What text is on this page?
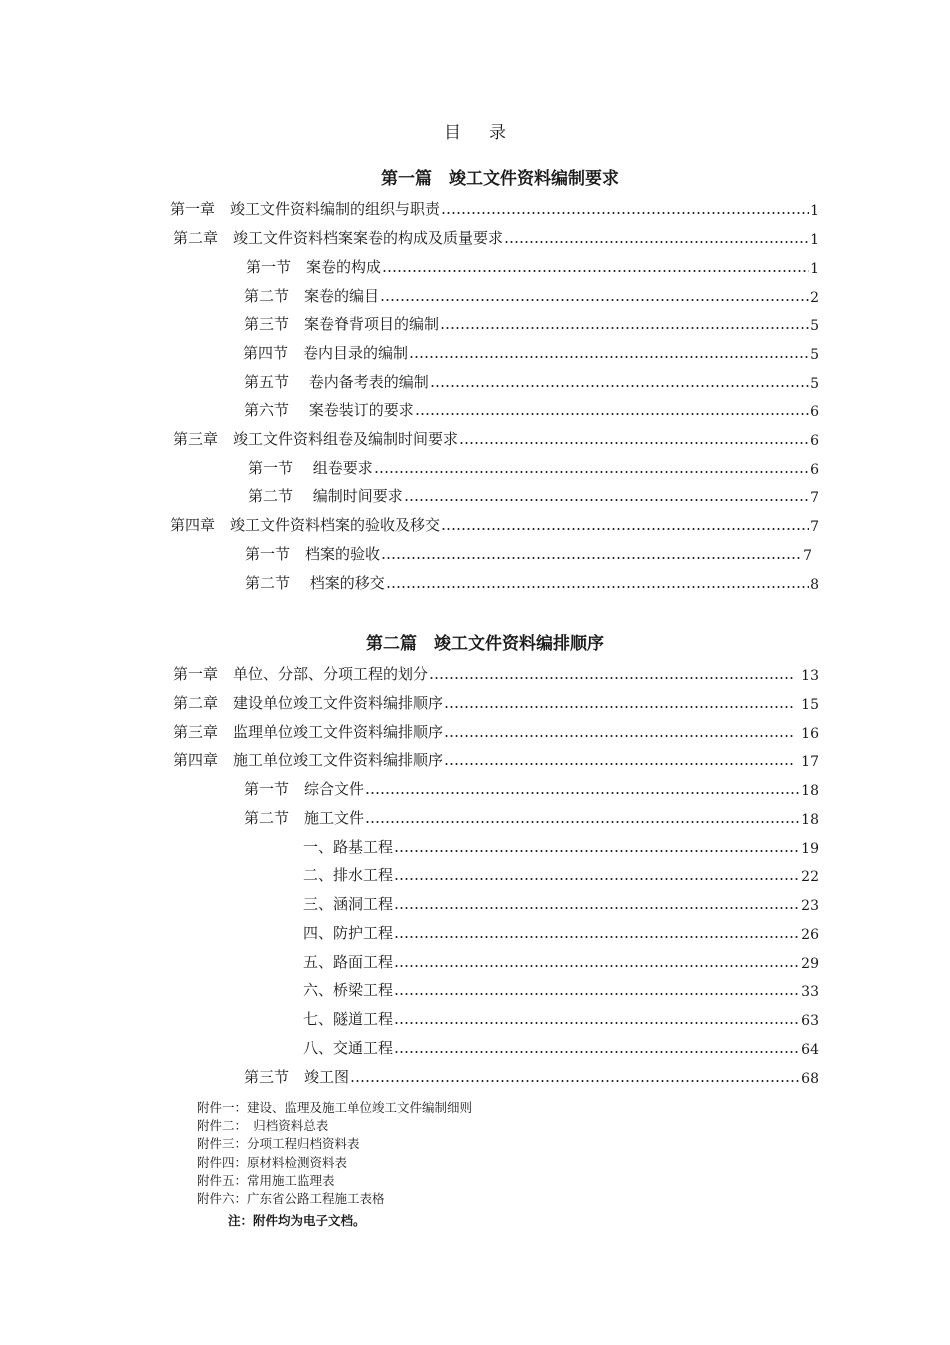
目 录
第一篇　竣工文件资料编制要求
第一章　竣工文件资料编制的组织与职责	1
第二章　竣工文件资料档案案卷的构成及质量要求	1
第一节　案卷的构成	1
第二节　案卷的编目	2
第三节　案卷脊背项目的编制	5
第四节　卷内目录的编制	5
第五节　 卷内备考表的编制	5
第六节　 案卷装订的要求	6
第三章　竣工文件资料组卷及编制时间要求	6
第一节　 组卷要求	6
第二节　 编制时间要求	7
第四章　竣工文件资料档案的验收及移交	7
第一节　档案的验收	7
第二节　 档案的移交	8
第二篇　竣工文件资料编排顺序
第一章　单位、分部、分项工程的划分	13
第二章　建设单位竣工文件资料编排顺序	15
第三章　监理单位竣工文件资料编排顺序	16
第四章　施工单位竣工文件资料编排顺序	17
第一节　综合文件	18
第二节　施工文件	18
一、路基工程	19
二、排水工程	22
三、涵洞工程	23
四、防护工程	26
五、路面工程	29
六、桥梁工程	33
七、隧道工程	63
八、交通工程	64
第三节　竣工图	68
附件一：建设、监理及施工单位竣工文件编制细则
附件二：　归档资料总表
附件三：分项工程归档资料表
附件四：原材料检测资料表
附件五：常用施工监理表
附件六：广东省公路工程施工表格
注：附件均为电子文档。
